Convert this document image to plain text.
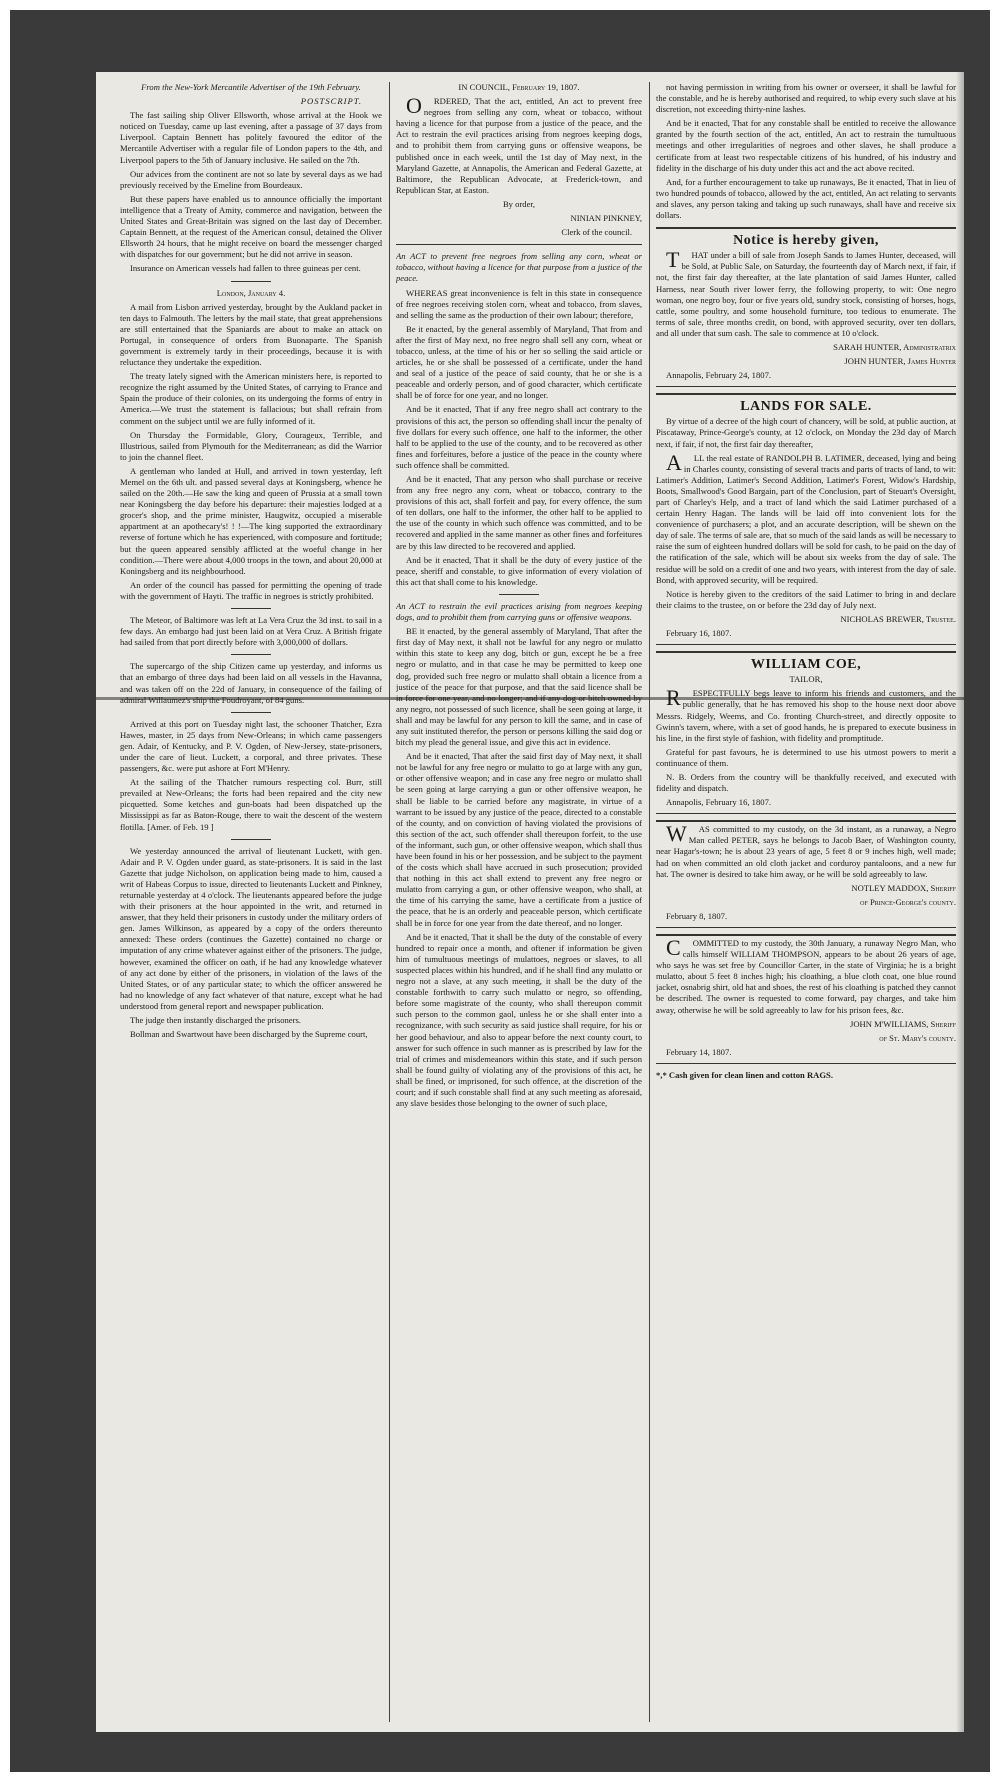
From the New-York Mercantile Advertiser of the 19th February.

POSTSCRIPT.

The fast sailing ship Oliver Ellsworth, whose arrival at the Hook we noticed on Tuesday, came up last evening, after a passage of 37 days from Liverpool. Captain Bennett has politely favoured the editor of the Mercantile Advertiser with a regular file of London papers to the 4th, and Liverpool papers to the 5th of January inclusive. He sailed on the 7th.

Our advices from the continent are not so late by several days as we had previously received by the Emeline from Bourdeaux.

But these papers have enabled us to announce officially the important intelligence that a Treaty of Amity, commerce and navigation, between the United States and Great-Britain was signed on the last day of December. Captain Bennett, at the request of the American consul, detained the Oliver Ellsworth 24 hours, that he might receive on board the messenger charged with dispatches for our government; but he did not arrive in season.

Insurance on American vessels had fallen to three guineas per cent.

London, January 4.

A mail from Lisbon arrived yesterday, brought by the Aukland packet in ten days to Falmouth. The letters by the mail state, that great apprehensions are still entertained that the Spaniards are about to make an attack on Portugal, in consequence of orders from Buonaparte. The Spanish government is extremely tardy in their proceedings, because it is with reluctance they undertake the expedition.

The treaty lately signed with the American ministers here, is reported to recognize the right assumed by the United States, of carrying to France and Spain the produce of their colonies, on its undergoing the forms of entry in America.—We trust the statement is fallacious; but shall refrain from comment on the subject until we are fully informed of it.

On Thursday the Formidable, Glory, Courageux, Terrible, and Illustrious, sailed from Plymouth for the Mediterranean; as did the Warrior to join the channel fleet.

A gentleman who landed at Hull, and arrived in town yesterday, left Memel on the 6th ult. and passed several days at Koningsberg, whence he sailed on the 20th.—He saw the king and queen of Prussia at a small town near Koningsberg the day before his departure: their majesties lodged at a grocer's shop, and the prime minister, Haugwitz, occupied a miserable appartment at an apothecary's! ! !—The king supported the extraordinary reverse of fortune which he has experienced, with composure and fortitude; but the queen appeared sensibly afflicted at the woeful change in her condition.—There were about 4,000 troops in the town, and about 20,000 at Koningsberg and its neighbourhood.

An order of the council has passed for permitting the opening of trade with the government of Hayti. The traffic in negroes is strictly prohibited.

The Meteor, of Baltimore was left at La Vera Cruz the 3d inst. to sail in a few days. An embargo had just been laid on at Vera Cruz. A British frigate had sailed from that port directly before with 3,000,000 of dollars.

The supercargo of the ship Citizen came up yesterday, and informs us that an embargo of three days had been laid on all vessels in the Havanna, and was taken off on the 22d of January, in consequence of the failing of admiral Willaumez's ship the Foudroyant, of 84 guns.

Arrived at this port on Tuesday night last, the schooner Thatcher, Ezra Hawes, master, in 25 days from New-Orleans; in which came passengers gen. Adair, of Kentucky, and P. V. Ogden, of New-Jersey, state-prisoners, under the care of lieut. Luckett, a corporal, and three privates. These passengers, &c. were put ashore at Fort M'Henry.

At the sailing of the Thatcher rumours respecting col. Burr, still prevailed at New-Orleans; the forts had been repaired and the city new picquetted. Some ketches and gun-boats had been dispatched up the Mississippi as far as Baton-Rouge, there to wait the descent of the western flotilla. [Amer. of Feb. 19 ]

We yesterday announced the arrival of lieutenant Luckett, with gen. Adair and P. V. Ogden under guard, as state-prisoners. It is said in the last Gazette that judge Nicholson, on application being made to him, caused a writ of Habeas Corpus to issue, directed to lieutenants Luckett and Pinkney, returnable yesterday at 4 o'clock. The lieutenants appeared before the judge with their prisoners at the hour appointed in the writ, and returned in answer, that they held their prisoners in custody under the military orders of gen. James Wilkinson, as appeared by a copy of the orders thereunto annexed: These orders (continues the Gazette) contained no charge or imputation of any crime whatever against either of the prisoners. The judge, however, examined the officer on oath, if he had any knowledge whatever of any act done by either of the prisoners, in violation of the laws of the United States, or of any particular state; to which the officer answered he had no knowledge of any fact whatever of that nature, except what he had understood from general report and newspaper publication.

The judge then instantly discharged the prisoners.

Bollman and Swartwout have been discharged by the Supreme court,

IN COUNCIL, February 19, 1807.

ORDERED, That the act, entitled, An act to prevent free negroes from selling any corn, wheat or tobacco, without having a licence for that purpose from a justice of the peace, and the Act to restrain the evil practices arising from negroes keeping dogs, and to prohibit them from carrying guns or offensive weapons, be published once in each week, until the 1st day of May next, in the Maryland Gazette, at Annapolis, the American and Federal Gazette, at Baltimore, the Republican Advocate, at Frederick-town, and Republican Star, at Easton.

By order,

NINIAN PINKNEY,

Clerk of the council.

An ACT to prevent free negroes from selling any corn, wheat or tobacco, without having a licence for that purpose from a justice of the peace.

WHEREAS great inconvenience is felt in this state in consequence of free negroes receiving stolen corn, wheat and tobacco, from slaves, and selling the same as the production of their own labour; therefore,

Be it enacted, by the general assembly of Maryland, That from and after the first of May next, no free negro shall sell any corn, wheat or tobacco, unless, at the time of his or her so selling the said article or articles, he or she shall be possessed of a certificate, under the hand and seal of a justice of the peace of said county, that he or she is a peaceable and orderly person, and of good character, which certificate shall be of force for one year, and no longer.

And be it enacted, That if any free negro shall act contrary to the provisions of this act, the person so offending shall incur the penalty of five dollars for every such offence, one half to the informer, the other half to be applied to the use of the county, and to be recovered as other fines and forfeitures, before a justice of the peace in the county where such offence shall be committed.

And be it enacted, That any person who shall purchase or receive from any free negro any corn, wheat or tobacco, contrary to the provisions of this act, shall forfeit and pay, for every offence, the sum of ten dollars, one half to the informer, the other half to be applied to the use of the county in which such offence was committed, and to be recovered and applied in the same manner as other fines and forfeitures are by this law directed to be recovered and applied.

And be it enacted, That it shall be the duty of every justice of the peace, sheriff and constable, to give information of every violation of this act that shall come to his knowledge.

An ACT to restrain the evil practices arising from negroes keeping dogs, and to prohibit them from carrying guns or offensive weapons.

BE it enacted, by the general assembly of Maryland, That after the first day of May next, it shall not be lawful for any negro or mulatto within this state to keep any dog, bitch or gun, except he be a free negro or mulatto, and in that case he may be permitted to keep one dog, provided such free negro or mulatto shall obtain a licence from a justice of the peace for that purpose, and that the said licence shall be in force for one year, and no longer; and if any dog or bitch owned by any negro, not possessed of such licence, shall be seen going at large, it shall and may be lawful for any person to kill the same, and in case of any suit instituted therefor, the person or persons killing the said dog or bitch my plead the general issue, and give this act in evidence.

And be it enacted, That after the said first day of May next, it shall not be lawful for any free negro or mulatto to go at large with any gun, or other offensive weapon; and in case any free negro or mulatto shall be seen going at large carrying a gun or other offensive weapon, he shall be liable to be carried before any magistrate, in virtue of a warrant to be issued by any justice of the peace, directed to a constable of the county, and on conviction of having violated the provisions of this section of the act, such offender shall thereupon forfeit, to the use of the informant, such gun, or other offensive weapon, which shall thus have been found in his or her possession, and be subject to the payment of the costs which shall have accrued in such prosecution; provided that nothing in this act shall extend to prevent any free negro or mulatto from carrying a gun, or other offensive weapon, who shall, at the time of his carrying the same, have a certificate from a justice of the peace, that he is an orderly and peaceable person, which certificate shall be in force for one year from the date thereof, and no longer.

And be it enacted, That it shall be the duty of the constable of every hundred to repair once a month, and oftener if information be given him of tumultuous meetings of mulattoes, negroes or slaves, to all suspected places within his hundred, and if he shall find any mulatto or negro not a slave, at any such meeting, it shall be the duty of the constable forthwith to carry such mulatto or negro, so offending, before some magistrate of the county, who shall thereupon commit such person to the common gaol, unless he or she shall enter into a recognizance, with such security as said justice shall require, for his or her good behaviour, and also to appear before the next county court, to answer for such offence in such manner as is prescribed by law for the trial of crimes and misdemeanors within this state, and if such person shall be found guilty of violating any of the provisions of this act, he shall be fined, or imprisoned, for such offence, at the discretion of the court; and if such constable shall find at any such meeting as aforesaid, any slave besides those belonging to the owner of such place,

not having permission in writing from his owner or overseer, it shall be lawful for the constable, and he is hereby authorised and required, to whip every such slave at his discretion, not exceeding thirty-nine lashes.

And be it enacted, That for any constable shall be entitled to receive the allowance granted by the fourth section of the act, entitled, An act to restrain the tumultuous meetings and other irregularities of negroes and other slaves, he shall produce a certificate from at least two respectable citizens of his hundred, of his industry and fidelity in the discharge of his duty under this act and the act above recited.

And, for a further encouragement to take up runaways, Be it enacted, That in lieu of two hundred pounds of tobacco, allowed by the act, entitled, An act relating to servants and slaves, any person taking and taking up such runaways, shall have and receive six dollars.

Notice is hereby given,

THAT under a bill of sale from Joseph Sands to James Hunter, deceased, will be Sold, at Public Sale, on Saturday, the fourteenth day of March next, if fair, if not, the first fair day thereafter, at the late plantation of said James Hunter, called Harness, near South river lower ferry, the following property, to wit: One negro woman, one negro boy, four or five years old, sundry stock, consisting of horses, hogs, cattle, some poultry, and some household furniture, too tedious to enumerate. The terms of sale, three months credit, on bond, with approved security, over ten dollars, and all under that sum cash. The sale to commence at 10 o'clock.

SARAH HUNTER, Administratrix

JOHN HUNTER, James Hunter

Annapolis, February 24, 1807.

LANDS FOR SALE.

By virtue of a decree of the high court of chancery, will be sold, at public auction, at Piscataway, Prince-George's county, at 12 o'clock, on Monday the 23d day of March next, if fair, if not, the first fair day thereafter,

ALL the real estate of RANDOLPH B. LATIMER, deceased, lying and being in Charles county, consisting of several tracts and parts of tracts of land, to wit: Latimer's Addition, Latimer's Second Addition, Latimer's Forest, Widow's Hardship, Boots, Smallwood's Good Bargain, part of the Conclusion, part of Steuart's Oversight, part of Charley's Help, and a tract of land which the said Latimer purchased of a certain Henry Hagan. The lands will be laid off into convenient lots for the convenience of purchasers; a plot, and an accurate description, will be shewn on the day of sale. The terms of sale are, that so much of the said lands as will be necessary to raise the sum of eighteen hundred dollars will be sold for cash, to be paid on the day of the ratification of the sale, which will be about six weeks from the day of sale. The residue will be sold on a credit of one and two years, with interest from the day of sale. Bond, with approved security, will be required.

Notice is hereby given to the creditors of the said Latimer to bring in and declare their claims to the trustee, on or before the 23d day of July next.

NICHOLAS BREWER, Trustee.

February 16, 1807.

WILLIAM COE,

TAILOR,

RESPECTFULLY begs leave to inform his friends and customers, and the public generally, that he has removed his shop to the house next door above Messrs. Ridgely, Weems, and Co. fronting Church-street, and directly opposite to Gwinn's tavern, where, with a set of good hands, he is prepared to execute business in his line, in the first style of fashion, with fidelity and promptitude.

Grateful for past favours, he is determined to use his utmost powers to merit a continuance of them.

N. B. Orders from the country will be thankfully received, and executed with fidelity and dispatch.

Annapolis, February 16, 1807.

WAS committed to my custody, on the 3d instant, as a runaway, a Negro Man called PETER, says he belongs to Jacob Baer, of Washington county, near Hagar's-town; he is about 23 years of age, 5 feet 8 or 9 inches high, well made; had on when committed an old cloth jacket and corduroy pantaloons, and a new fur hat. The owner is desired to take him away, or he will be sold agreeably to law.

NOTLEY MADDOX, Sheriff

of Prince-George's county.

February 8, 1807.

COMMITTED to my custody, the 30th January, a runaway Negro Man, who calls himself WILLIAM THOMPSON, appears to be about 26 years of age, who says he was set free by Councillor Carter, in the state of Virginia; he is a bright mulatto, about 5 feet 8 inches high; his cloathing, a blue cloth coat, one blue round jacket, osnabrig shirt, old hat and shoes, the rest of his cloathing is patched they cannot be described. The owner is requested to come forward, pay charges, and take him away, otherwise he will be sold agreeably to law for his prison fees, &c.

JOHN M'WILLIAMS, Sheriff

of St. Mary's county.

February 14, 1807.

*,* Cash given for clean linen and cotton RAGS.
